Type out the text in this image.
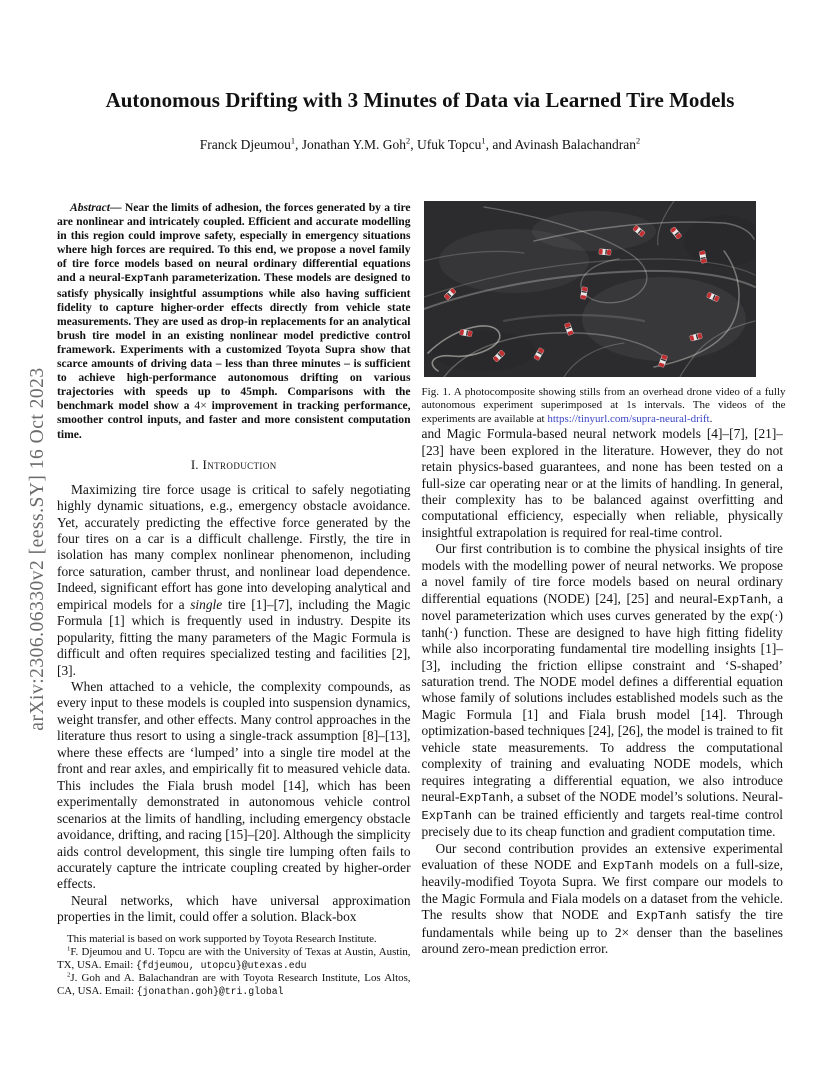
arXiv:2306.06330v2 [eess.SY] 16 Oct 2023
Autonomous Drifting with 3 Minutes of Data via Learned Tire Models
Franck Djeumou$^1$, Jonathan Y.M. Goh$^2$, Ufuk Topcu$^1$, and Avinash Balachandran$^2$

Abstract— Near the limits of adhesion, the forces generated by a tire are nonlinear and intricately coupled. Efficient and accurate modelling in this region could improve safety, especially in emergency situations where high forces are required. To this end, we propose a novel family of tire force models based on neural ordinary differential equations and a neural-ExpTanh parameterization. These models are designed to satisfy physically insightful assumptions while also having sufficient fidelity to capture higher-order effects directly from vehicle state measurements. They are used as drop-in replacements for an analytical brush tire model in an existing nonlinear model predictive control framework. Experiments with a customized Toyota Supra show that scarce amounts of driving data – less than three minutes – is sufficient to achieve high-performance autonomous drifting on various trajectories with speeds up to 45mph. Comparisons with the benchmark model show a 4× improvement in tracking performance, smoother control inputs, and faster and more consistent computation time.

I. Introduction

Maximizing tire force usage is critical to safely negotiating highly dynamic situations, e.g., emergency obstacle avoidance. Yet, accurately predicting the effective force generated by the four tires on a car is a difficult challenge. Firstly, the tire in isolation has many complex nonlinear phenomenon, including force saturation, camber thrust, and nonlinear load dependence. Indeed, significant effort has gone into developing analytical and empirical models for a single tire [1]–[7], including the Magic Formula [1] which is frequently used in industry. Despite its popularity, fitting the many parameters of the Magic Formula is difficult and often requires specialized testing and facilities [2], [3].

When attached to a vehicle, the complexity compounds, as every input to these models is coupled into suspension dynamics, weight transfer, and other effects. Many control approaches in the literature thus resort to using a single-track assumption [8]–[13], where these effects are ‘lumped’ into a single tire model at the front and rear axles, and empirically fit to measured vehicle data. This includes the Fiala brush model [14], which has been experimentally demonstrated in autonomous vehicle control scenarios at the limits of handling, including emergency obstacle avoidance, drifting, and racing [15]–[20]. Although the simplicity aids control development, this single tire lumping often fails to accurately capture the intricate coupling created by higher-order effects.

Neural networks, which have universal approximation properties in the limit, could offer a solution. Black-box

This material is based on work supported by Toyota Research Institute.

$^1$F. Djeumou and U. Topcu are with the University of Texas at Austin, Austin, TX, USA. Email: {fdjeumou, utopcu}@utexas.edu

$^2$J. Goh and A. Balachandran are with Toyota Research Institute, Los Altos, CA, USA. Email: {jonathan.goh}@tri.global

Fig. 1. A photocomposite showing stills from an overhead drone video of a fully autonomous experiment superimposed at 1s intervals. The videos of the experiments are available at https://tinyurl.com/supra-neural-drift.

and Magic Formula-based neural network models [4]–[7], [21]–[23] have been explored in the literature. However, they do not retain physics-based guarantees, and none has been tested on a full-size car operating near or at the limits of handling. In general, their complexity has to be balanced against overfitting and computational efficiency, especially when reliable, physically insightful extrapolation is required for real-time control.

Our first contribution is to combine the physical insights of tire models with the modelling power of neural networks. We propose a novel family of tire force models based on neural ordinary differential equations (NODE) [24], [25] and neural-ExpTanh, a novel parameterization which uses curves generated by the exp(·) tanh(·) function. These are designed to have high fitting fidelity while also incorporating fundamental tire modelling insights [1]–[3], including the friction ellipse constraint and ‘S-shaped’ saturation trend. The NODE model defines a differential equation whose family of solutions includes established models such as the Magic Formula [1] and Fiala brush model [14]. Through optimization-based techniques [24], [26], the model is trained to fit vehicle state measurements. To address the computational complexity of training and evaluating NODE models, which requires integrating a differential equation, we also introduce neural-ExpTanh, a subset of the NODE model’s solutions. Neural-ExpTanh can be trained efficiently and targets real-time control precisely due to its cheap function and gradient computation time.

Our second contribution provides an extensive experimental evaluation of these NODE and ExpTanh models on a full-size, heavily-modified Toyota Supra. We first compare our models to the Magic Formula and Fiala models on a dataset from the vehicle. The results show that NODE and ExpTanh satisfy the tire fundamentals while being up to 2× denser than the baselines around zero-mean prediction error.
